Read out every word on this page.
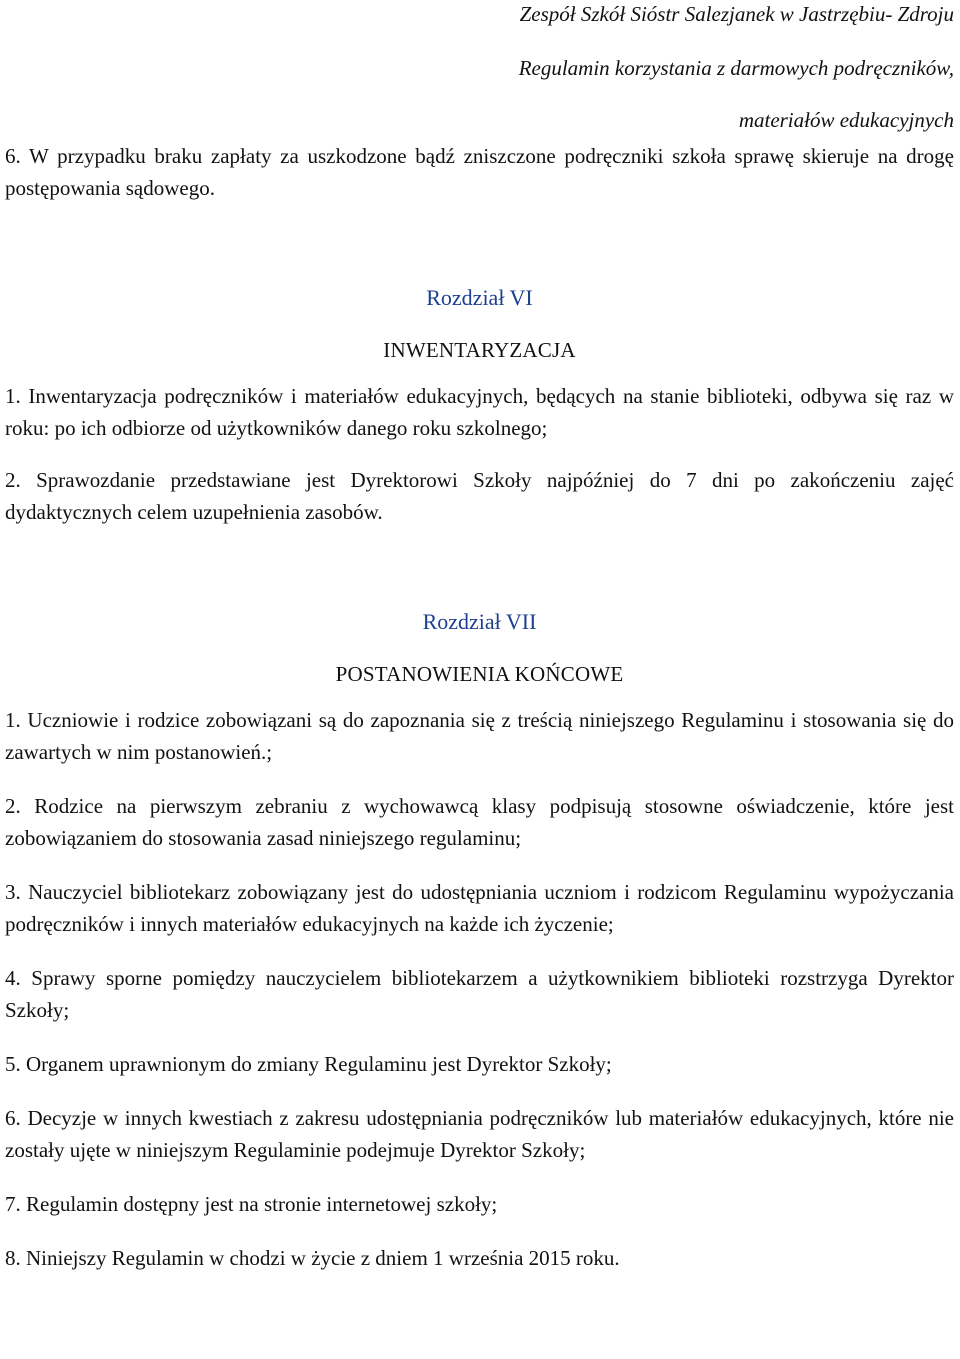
Zespół Szkół Sióstr Salezjanek w Jastrzębiu- Zdroju
Regulamin korzystania z darmowych podręczników,
materiałów edukacyjnych

6. W przypadku braku zapłaty za uszkodzone bądź zniszczone podręczniki szkoła sprawę skieruje na drogę postępowania sądowego.

Rozdział VI
INWENTARYZACJA

1. Inwentaryzacja podręczników i materiałów edukacyjnych, będących na stanie biblioteki, odbywa się raz w roku: po ich odbiorze od użytkowników danego roku szkolnego;

2. Sprawozdanie przedstawiane jest Dyrektorowi Szkoły najpóźniej do 7 dni po zakończeniu zajęć dydaktycznych celem uzupełnienia zasobów.

Rozdział VII
POSTANOWIENIA KOŃCOWE

1. Uczniowie i rodzice zobowiązani są do zapoznania się z treścią niniejszego Regulaminu i stosowania się do zawartych w nim postanowień.;

2. Rodzice na pierwszym zebraniu z wychowawcą klasy podpisują stosowne oświadczenie, które jest zobowiązaniem do stosowania zasad niniejszego regulaminu;

3. Nauczyciel bibliotekarz zobowiązany jest do udostępniania uczniom i rodzicom Regulaminu wypożyczania podręczników i innych materiałów edukacyjnych na każde ich życzenie;

4. Sprawy sporne pomiędzy nauczycielem bibliotekarzem a użytkownikiem biblioteki rozstrzyga Dyrektor Szkoły;

5. Organem uprawnionym do zmiany Regulaminu jest Dyrektor Szkoły;

6. Decyzje w innych kwestiach z zakresu udostępniania podręczników lub materiałów edukacyjnych, które nie zostały ujęte w niniejszym Regulaminie podejmuje Dyrektor Szkoły;

7. Regulamin dostępny jest na stronie internetowej szkoły;

8. Niniejszy Regulamin w chodzi w życie z dniem 1 września 2015 roku.
